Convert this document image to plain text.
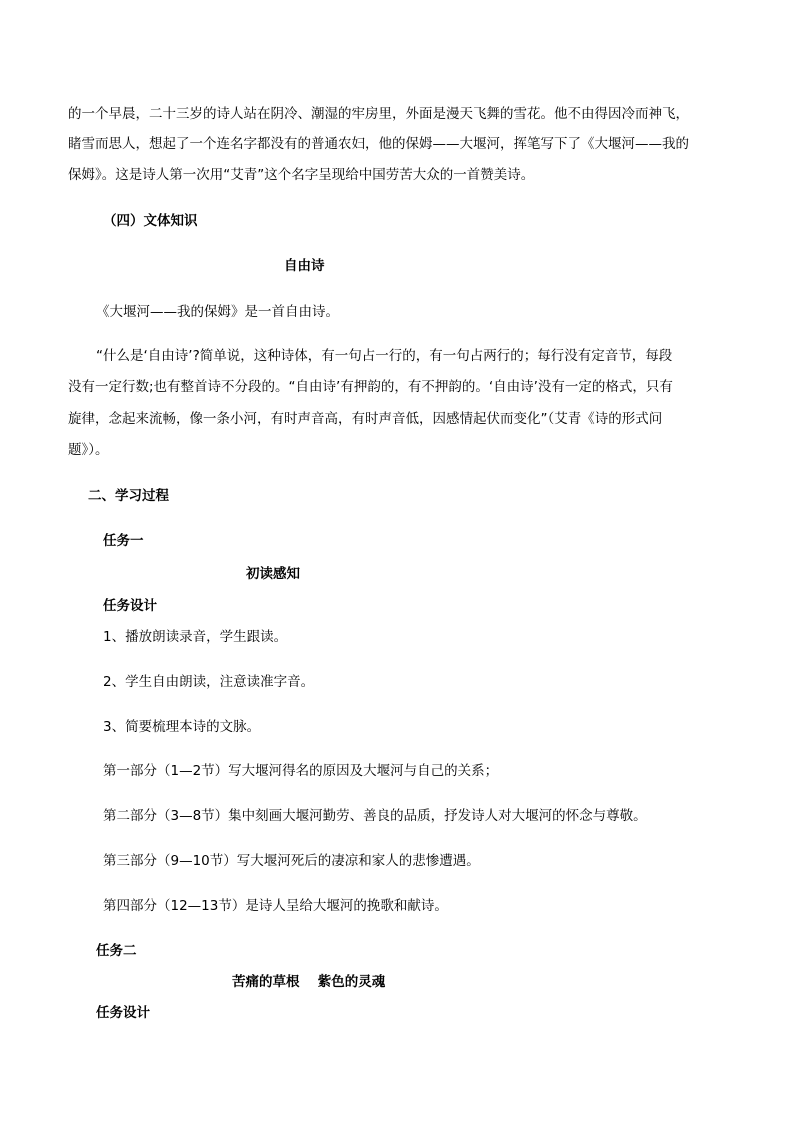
的一个早晨，二十三岁的诗人站在阴冷、潮湿的牢房里，外面是漫天飞舞的雪花。他不由得因冷而神飞，

睹雪而思人，想起了一个连名字都没有的普通农妇，他的保姆——大堰河，挥笔写下了《大堰河——我的

保姆》。这是诗人第一次用“艾青”这个名字呈现给中国劳苦大众的一首赞美诗。

（四）文体知识

自由诗

《大堰河——我的保姆》是一首自由诗。

“什么是‘自由诗’?简单说，这种诗体，有一句占一行的，有一句占两行的；每行没有定音节，每段

没有一定行数;也有整首诗不分段的。“自由诗’有押韵的，有不押韵的。‘自由诗’没有一定的格式，只有

旋律，念起来流畅，像一条小河，有时声音高，有时声音低，因感情起伏而变化”（艾青《诗的形式问

题》）。

二、学习过程

任务一

初读感知

任务设计

1、播放朗读录音，学生跟读。

2、学生自由朗读，注意读准字音。

3、简要梳理本诗的文脉。

第一部分（1—2节）写大堰河得名的原因及大堰河与自己的关系；

第二部分（3—8节）集中刻画大堰河勤劳、善良的品质，抒发诗人对大堰河的怀念与尊敬。

第三部分（9—10节）写大堰河死后的凄凉和家人的悲惨遭遇。

第四部分（12—13节）是诗人呈给大堰河的挽歌和献诗。

任务二

苦痛的草根　 紫色的灵魂

任务设计
